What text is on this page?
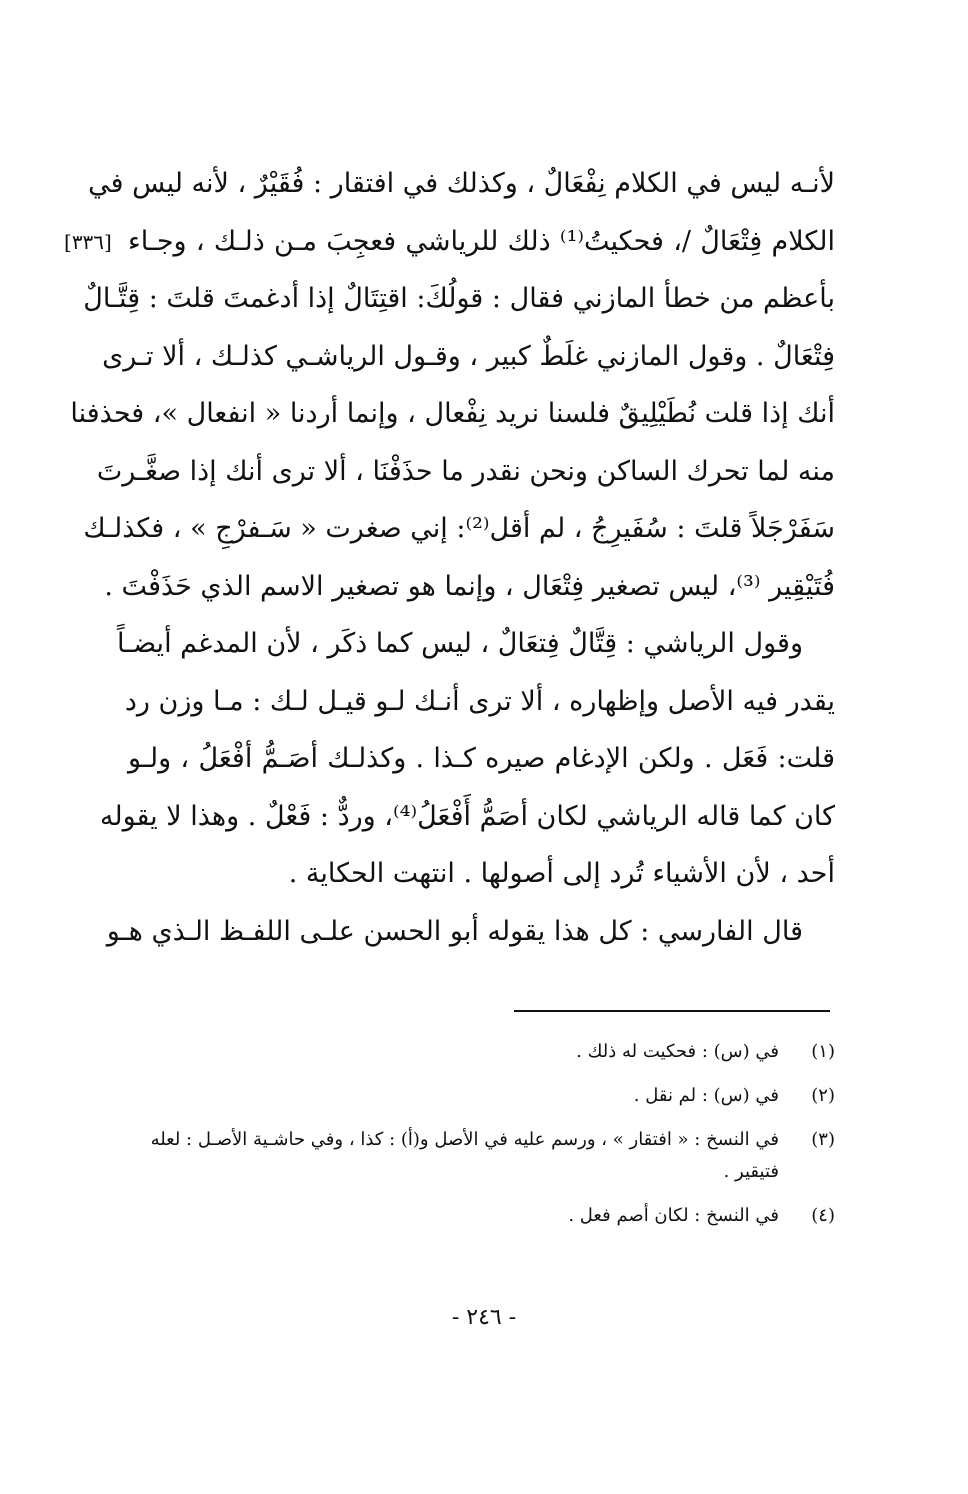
[٣٣٦]
لأنـه ليس في الكلام نِفْعَالٌ ، وكذلك في افتقار : فُقَيْرٌ ، لأنه ليس في
الكلام فِتْعَالٌ /، فحكيتُ⁽¹⁾ ذلك للرياشي فعجِبَ مـن ذلـك ، وجـاء
بأعظم من خطأ المازني فقال : قولُكَ: اقتِتَالٌ إذا أدغمتَ قلتَ : قِتَّـالٌ
فِتْعَالٌ . وقول المازني غلَطٌ كبير ، وقـول الرياشـي كذلـك ، ألا تـرى
أنك إذا قلت نُطَيْلِيقٌ فلسنا نريد نِفْعال ، وإنما أردنا « انفعال »، فحذفنا
منه لما تحرك الساكن ونحن نقدر ما حذَفْنَا ، ألا ترى أنك إذا صغَّـرتَ
سَفَرْجَلاً قلتَ : سُفَيرِجُ ، لم أقل⁽²⁾: إني صغرت « سَـفرْجِ » ، فكذلـك
فُتَيْقِير ⁽³⁾، ليس تصغير فِتْعَال ، وإنما هو تصغير الاسم الذي حَذَفْتَ .
وقول الرياشي : قِتَّالٌ فِتعَالٌ ، ليس كما ذكَر ، لأن المدغم أيضـاً
يقدر فيه الأصل وإظهاره ، ألا ترى أنـك لـو قيـل لـك : مـا وزن رد
قلت: فَعَل . ولكن الإدغام صيره كـذا . وكذلـك أصَـمُّ أفْعَلُ ، ولـو
كان كما قاله الرياشي لكان أصَمُّ أَفْعَلُ⁽⁴⁾، وردٌّ : فَعْلٌ . وهذا لا يقوله
أحد ، لأن الأشياء تُرد إلى أصولها . انتهت الحكاية .
قال الفارسي : كل هذا يقوله أبو الحسن علـى اللفـظ الـذي هـو
(١)
في (س) : فحكيت له ذلك .
(٢)
في (س) : لم نقل .
(٣)
في النسخ : « افتقار » ، ورسم عليه في الأصل و(أ) : كذا ، وفي حاشـية الأصـل : لعله فتيقير .
(٤)
في النسخ : لكان أصم فعل .
- ٢٤٦ -
